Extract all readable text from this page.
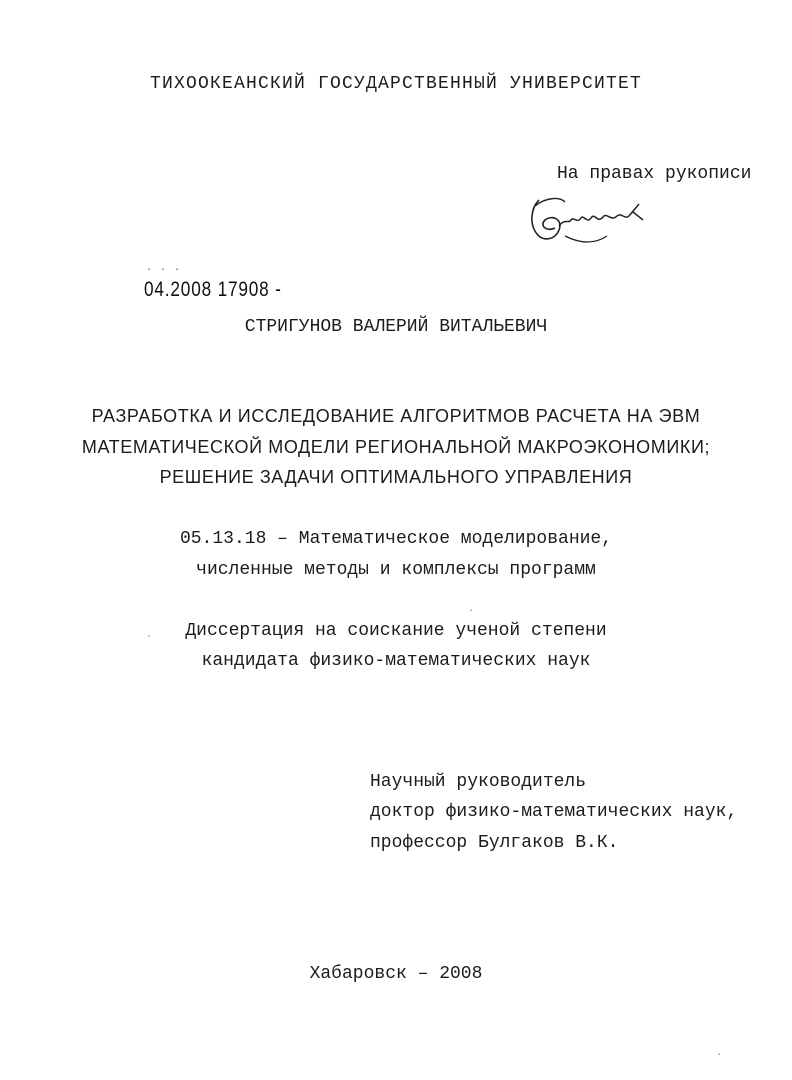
ТИХООКЕАНСКИЙ ГОСУДАРСТВЕННЫЙ УНИВЕРСИТЕТ
На правах рукописи
· · ·
04.2008 17908 -
СТРИГУНОВ ВАЛЕРИЙ ВИТАЛЬЕВИЧ
РАЗРАБОТКА И ИССЛЕДОВАНИЕ АЛГОРИТМОВ РАСЧЕТА НА ЭВМ
МАТЕМАТИЧЕСКОЙ МОДЕЛИ РЕГИОНАЛЬНОЙ МАКРОЭКОНОМИКИ;
РЕШЕНИЕ ЗАДАЧИ ОПТИМАЛЬНОГО УПРАВЛЕНИЯ
05.13.18 – Математическое моделирование,
численные методы и комплексы программ
Диссертация на соискание ученой степени
кандидата физико-математических наук
Научный руководитель
доктор физико-математических наук,
профессор Булгаков В.К.
Хабаровск – 2008
·
·
·
